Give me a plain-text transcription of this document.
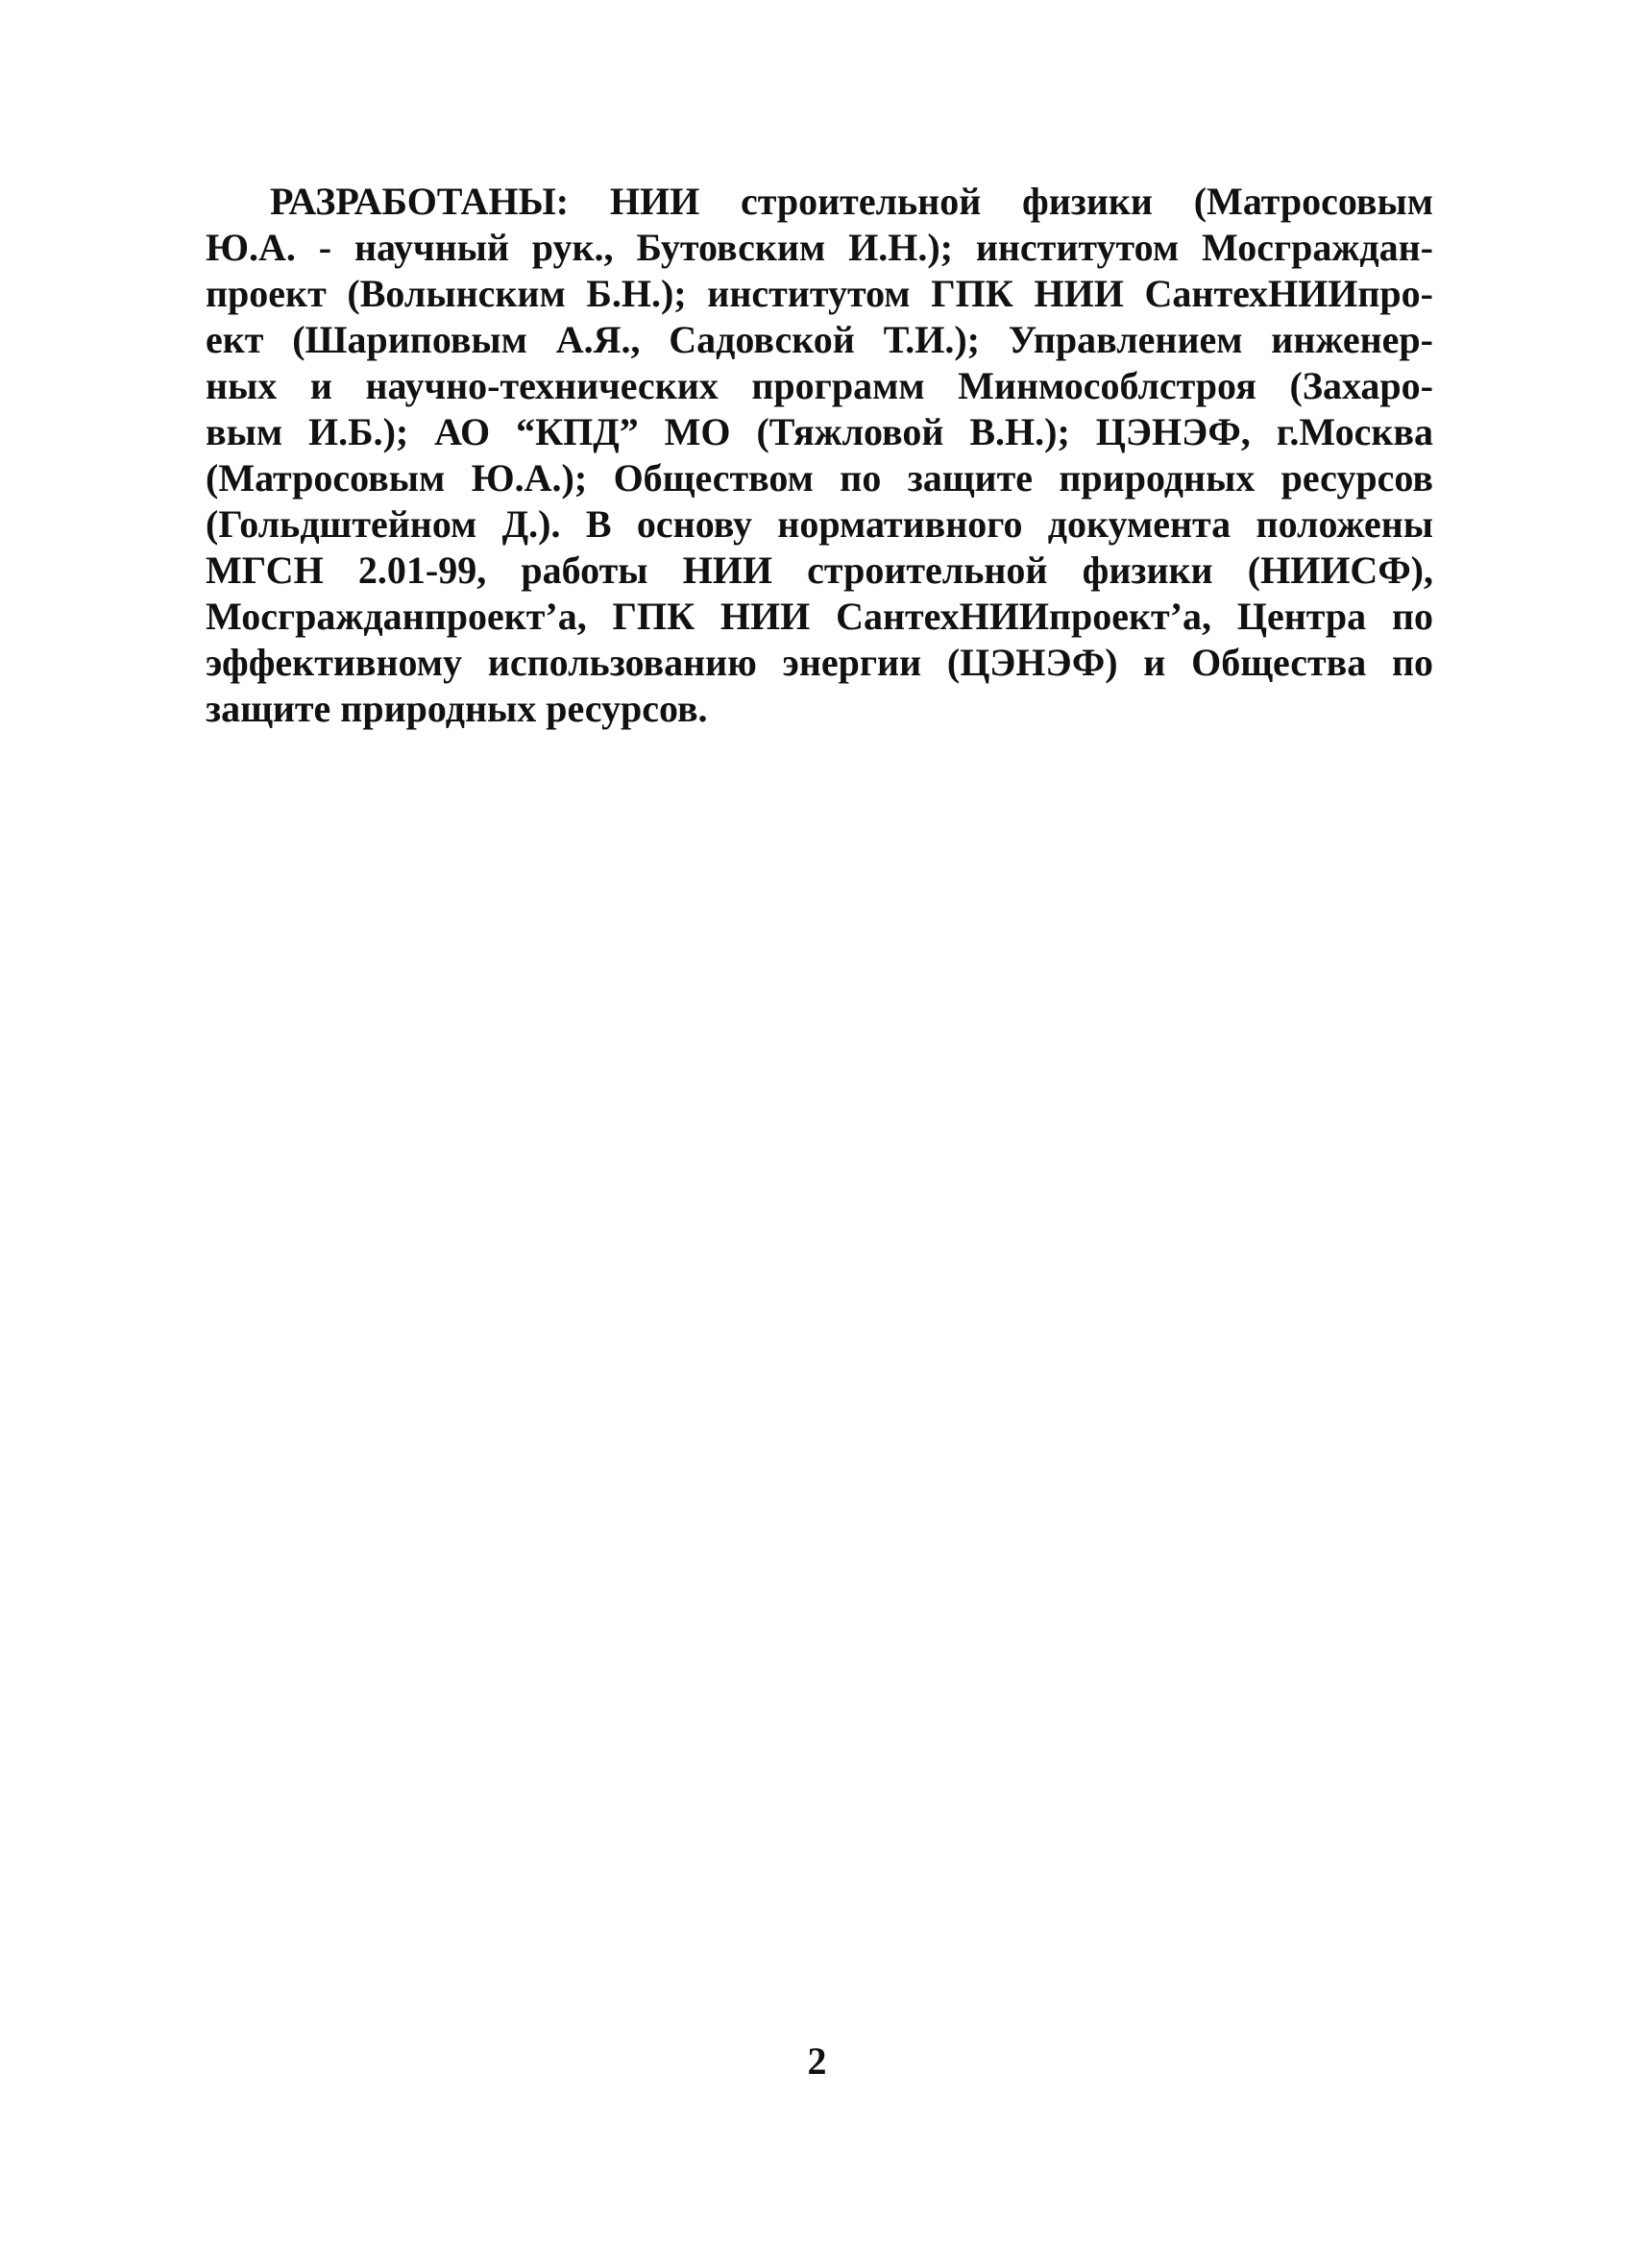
РАЗРАБОТАНЫ: НИИ строительной физики (Матросовым
Ю.А. - научный рук., Бутовским И.Н.); институтом Мосграждан-
проект (Волынским Б.Н.); институтом ГПК НИИ СантехНИИпро-
ект (Шариповым А.Я., Садовской Т.И.); Управлением инженер-
ных и научно-технических программ Минмособлстроя (Захаро-
вым И.Б.); АО “КПД” МО (Тяжловой В.Н.); ЦЭНЭФ, г.Москва
(Матросовым Ю.А.); Обществом по защите природных ресурсов
(Гольдштейном Д.). В основу нормативного документа положены
МГСН 2.01-99, работы НИИ строительной физики (НИИСФ),
Мосгражданпроект’а, ГПК НИИ СантехНИИпроект’а, Центра по
эффективному использованию энергии (ЦЭНЭФ) и Общества по
защите природных ресурсов.
2
